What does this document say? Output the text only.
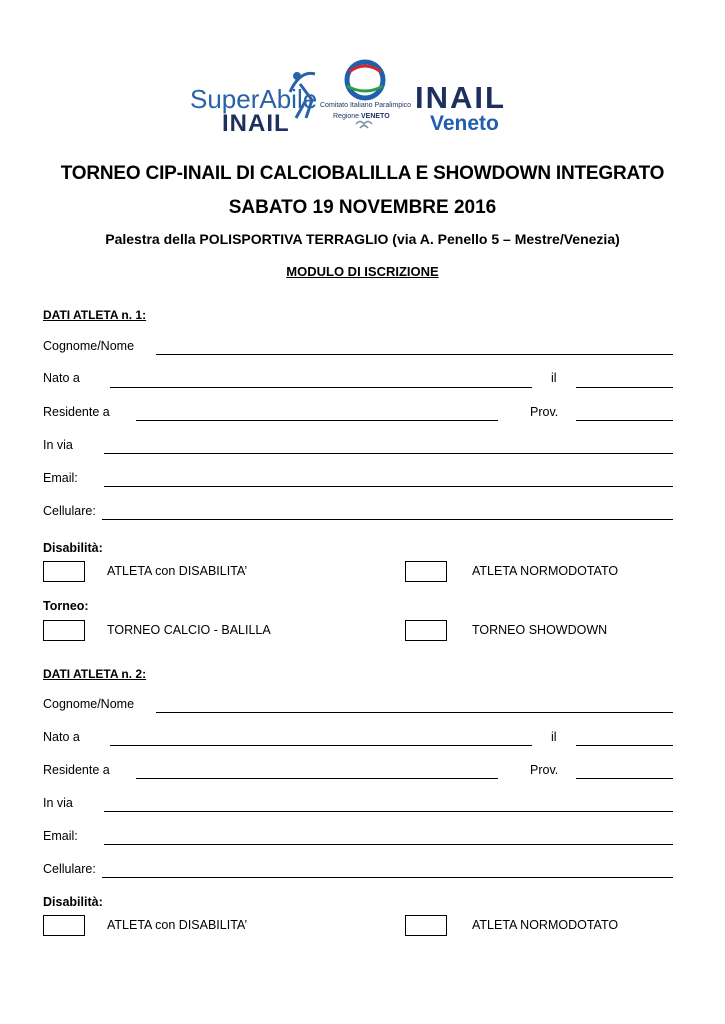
SuperAbile
INAIL
Comitato Italiano Paralimpico
Regione VENETO
INAIL
Veneto
TORNEO CIP-INAIL DI CALCIOBALILLA E SHOWDOWN INTEGRATO
SABATO 19 NOVEMBRE 2016
Palestra della POLISPORTIVA TERRAGLIO (via A. Penello 5 – Mestre/Venezia)
MODULO DI ISCRIZIONE
DATI ATLETA n. 1:
Cognome/Nome
Nato a	il
Residente a	Prov.
In via
Email:
Cellulare:
Disabilità:
ATLETA con DISABILITA’	ATLETA NORMODOTATO
Torneo:
TORNEO CALCIO - BALILLA	TORNEO SHOWDOWN
DATI ATLETA n. 2:
Cognome/Nome
Nato a	il
Residente a	Prov.
In via
Email:
Cellulare:
Disabilità:
ATLETA con DISABILITA’	ATLETA NORMODOTATO
